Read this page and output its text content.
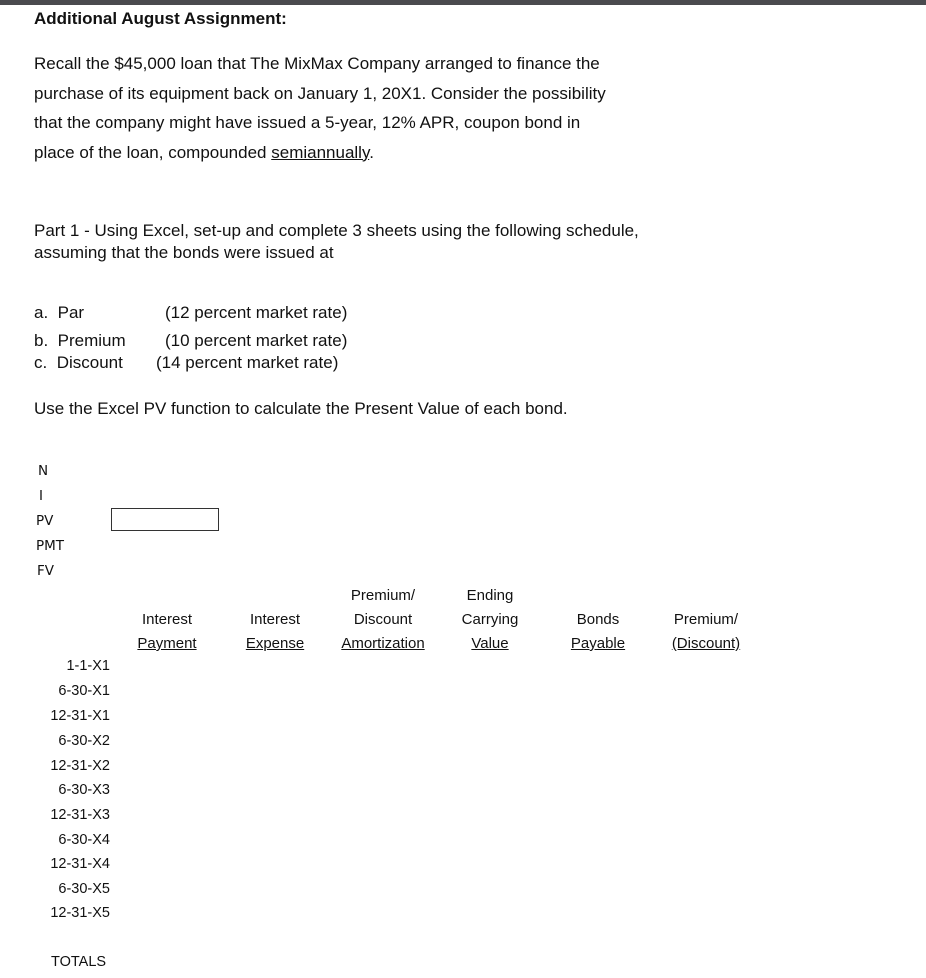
Additional August Assignment:
Recall the $45,000 loan that The MixMax Company arranged to finance the
purchase of its equipment back on January 1, 20X1. Consider the possibility
that the company might have issued a 5-year, 12% APR, coupon bond in
place of the loan, compounded semiannually.
Part 1 - Using Excel, set-up and complete 3 sheets using the following schedule,
assuming that the bonds were issued at
a. Par	(12 percent market rate)
b. Premium (10 percent market rate)
c. Discount (14 percent market rate)
Use the Excel PV function to calculate the Present Value of each bond.
N
I
PV
PMT
FV

Interest
Payment

Interest
Expense
Premium/
Discount
Amortization
Ending
Carrying
Value

Bonds
Payable

Premium/
(Discount)
1-1-X1
6-30-X1
12-31-X1
6-30-X2
12-31-X2
6-30-X3
12-31-X3
6-30-X4
12-31-X4
6-30-X5
12-31-X5
TOTALS
